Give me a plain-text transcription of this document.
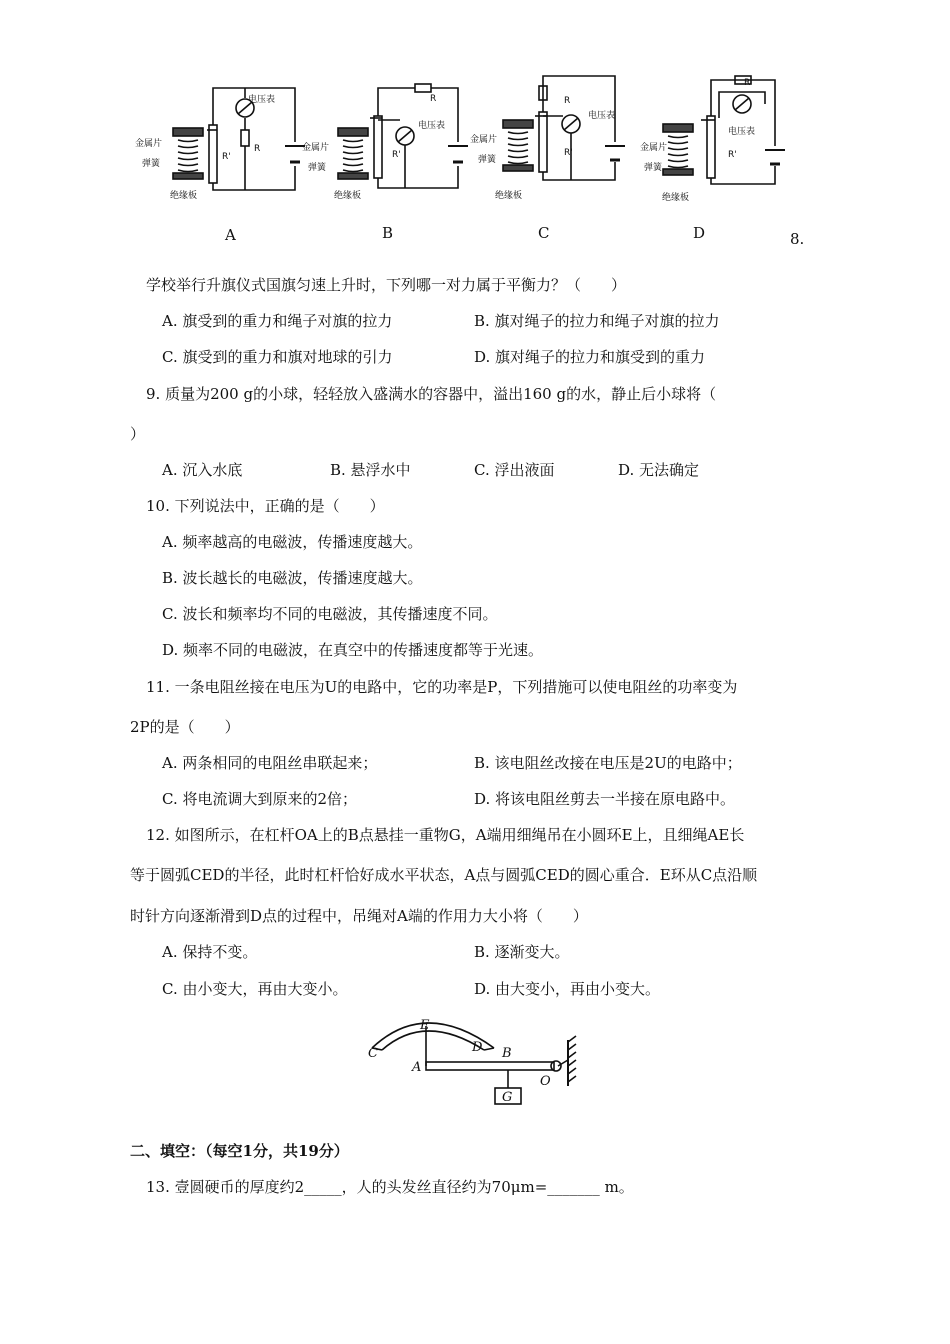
金属片
弹簧
绝缘板
电压表
R
R'
金属片
弹簧
绝缘板
电压表
R
R'
金属片
弹簧
绝缘板
电压表
R
R'	金属片
弹簧
绝缘板
电压表
R
R'
A	B	C	D	8.
学校举行升旗仪式国旗匀速上升时，下列哪一对力属于平衡力？（　　）
A. 旗受到的重力和绳子对旗的拉力	B. 旗对绳子的拉力和绳子对旗的拉力
C. 旗受到的重力和旗对地球的引力	D. 旗对绳子的拉力和旗受到的重力
9. 质量为200 g的小球，轻轻放入盛满水的容器中，溢出160 g的水，静止后小球将（
）
A. 沉入水底	B. 悬浮水中	C. 浮出液面	D. 无法确定
10. 下列说法中，正确的是（　　）
A. 频率越高的电磁波，传播速度越大。
B. 波长越长的电磁波，传播速度越大。
C. 波长和频率均不同的电磁波，其传播速度不同。
D. 频率不同的电磁波，在真空中的传播速度都等于光速。
11. 一条电阻丝接在电压为U的电路中，它的功率是P，下列措施可以使电阻丝的功率变为
2P的是（　　）
A. 两条相同的电阻丝串联起来；	B. 该电阻丝改接在电压是2U的电路中；
C. 将电流调大到原来的2倍；	D. 将该电阻丝剪去一半接在原电路中。
12. 如图所示，在杠杆OA上的B点悬挂一重物G，A端用细绳吊在小圆环E上，且细绳AE长
等于圆弧CED的半径，此时杠杆恰好成水平状态，A点与圆弧CED的圆心重合．E环从C点沿顺
时针方向逐渐滑到D点的过程中，吊绳对A端的作用力大小将（　　）
A. 保持不变。	B. 逐渐变大。
C. 由小变大，再由大变小。	D. 由大变小，再由小变大。
E
C	D B
A
O
G
二、填空：（每空1分，共19分）
13. 壹圆硬币的厚度约2_____，人的头发丝直径约为70μm=_______ m。
